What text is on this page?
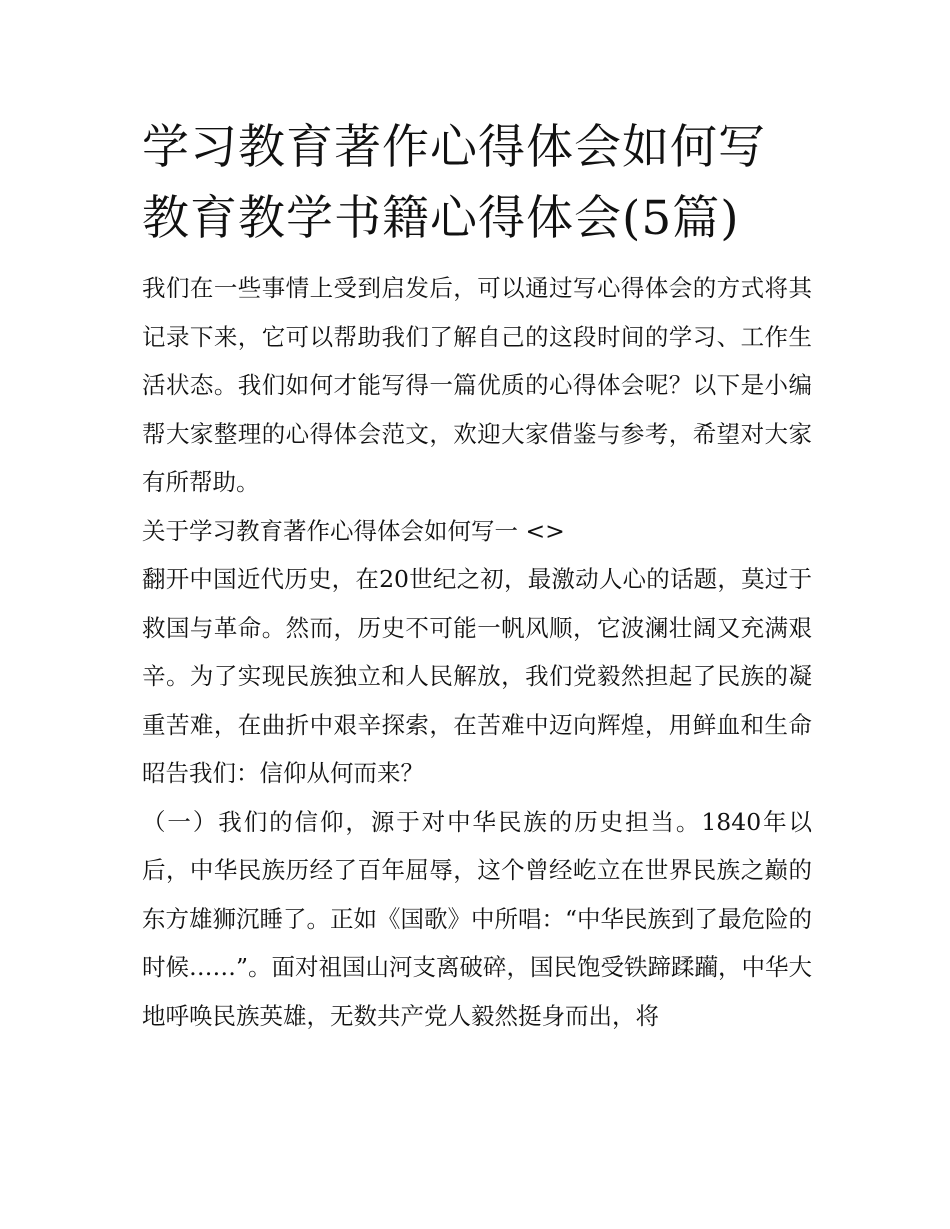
学习教育著作心得体会如何写
教育教学书籍心得体会(5篇)

我们在一些事情上受到启发后，可以通过写心得体会的方式将其记录下来，它可以帮助我们了解自己的这段时间的学习、工作生活状态。我们如何才能写得一篇优质的心得体会呢？以下是小编帮大家整理的心得体会范文，欢迎大家借鉴与参考，希望对大家有所帮助。

关于学习教育著作心得体会如何写一 <>

翻开中国近代历史，在20世纪之初，最激动人心的话题，莫过于救国与革命。然而，历史不可能一帆风顺，它波澜壮阔又充满艰辛。为了实现民族独立和人民解放，我们党毅然担起了民族的凝重苦难，在曲折中艰辛探索，在苦难中迈向辉煌，用鲜血和生命昭告我们：信仰从何而来？

（一）我们的信仰，源于对中华民族的历史担当。1840年以后，中华民族历经了百年屈辱，这个曾经屹立在世界民族之巅的东方雄狮沉睡了。正如《国歌》中所唱：“中华民族到了最危险的时候……”。面对祖国山河支离破碎，国民饱受铁蹄蹂躏，中华大地呼唤民族英雄，无数共产党人毅然挺身而出，将
